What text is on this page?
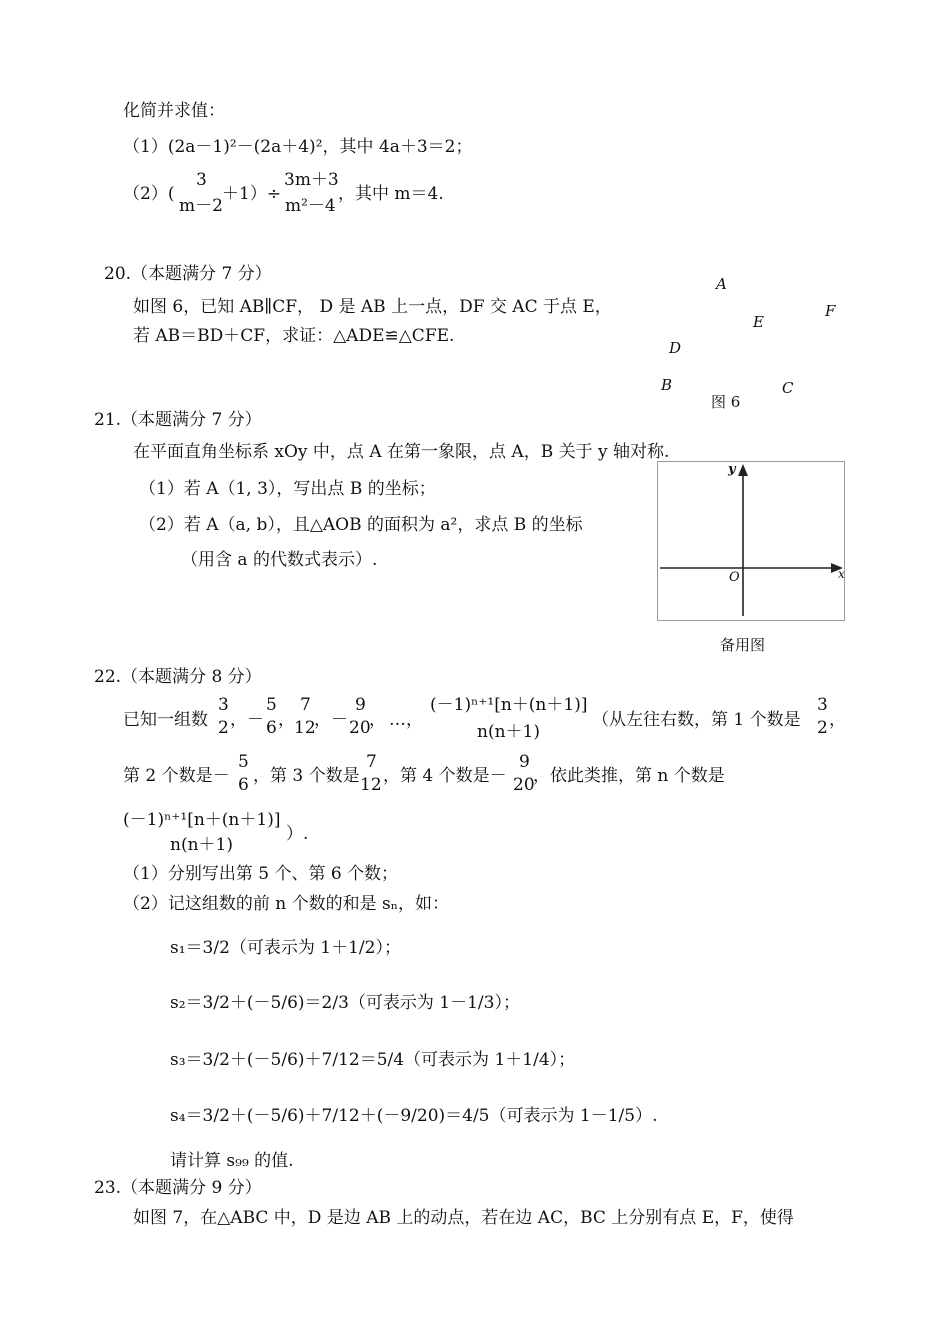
化简并求值：
（1）(2a－1)²－(2a＋4)²，其中 4a＋3＝2；
（2）(
3
m－2
＋1）÷
3m＋3
m²－4
，其中 m＝4.
20.（本题满分 7 分）
如图 6，已知 AB∥CF， D 是 AB 上一点，DF 交 AC 于点 E，
若 AB＝BD＋CF，求证：△ADE≌△CFE.
A
E
F
D
B	C
图 6
21.（本题满分 7 分）
在平面直角坐标系 xOy 中，点 A 在第一象限，点 A，B 关于 y 轴对称.
（1）若 A（1, 3），写出点 B 的坐标；
（2）若 A（a, b），且△AOB 的面积为 a²，求点 B 的坐标
（用含 a 的代数式表示）.
y
x
O
备用图
22.（本题满分 8 分）
已知一组数
3
2 ， －
5
6 ，
7
12
， －
9
20
， …，
(－1)ⁿ⁺¹[n＋(n＋1)]
n(n＋1)
（从左往右数，第 1 个数是
3
2 ，
第 2 个数是－
5
6 ，第 3 个数是
7
12 ，第 4 个数是－
9
20
，依此类推，第 n 个数是
(－1)ⁿ⁺¹[n＋(n＋1)]
n(n＋1)
）.
（1）分别写出第 5 个、第 6 个数；
（2）记这组数的前 n 个数的和是 sₙ，如：
s₁＝3/2（可表示为 1＋1/2）；
s₂＝3/2＋(－5/6)＝2/3（可表示为 1－1/3）；
s₃＝3/2＋(－5/6)＋7/12＝5/4（可表示为 1＋1/4）；
s₄＝3/2＋(－5/6)＋7/12＋(－9/20)＝4/5（可表示为 1－1/5）.
请计算 s₉₉ 的值.
23.（本题满分 9 分）
如图 7，在△ABC 中，D 是边 AB 上的动点，若在边 AC，BC 上分别有点 E，F，使得
